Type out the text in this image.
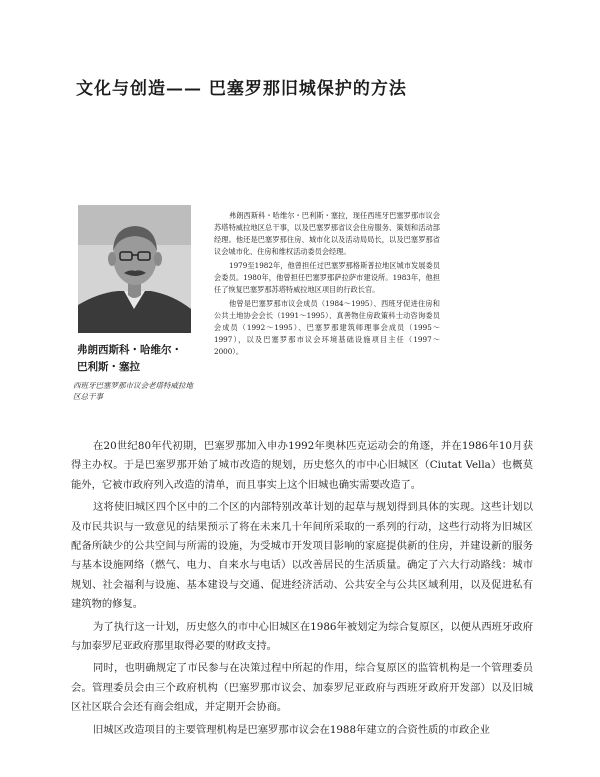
文化与创造—— 巴塞罗那旧城保护的方法
弗朗西斯科・哈维尔・
巴利斯・塞拉
西班牙巴塞罗那市议会老塔特威拉地区总干事

弗朗西斯科・哈维尔・巴利斯・塞拉，现任西班牙巴塞罗那市议会苏塔特威拉地区总干事，以及巴塞罗那省议会住房服务、策划和活动部经理。他还是巴塞罗那住房、城市化以及活动局局长，以及巴塞罗那省议会城市化、住房和维权活动委员会经理。

1979至1982年，他曾担任过巴塞罗那格斯普拉地区城市发展委员会委员。1980年，他曾担任巴塞罗那萨拉萨市建设所。1983年，他担任了恢复巴塞罗那苏塔特威拉地区项目的行政长官。

他曾是巴塞罗那市议会成员（1984～1995）、西班牙促进住房和公共土地协会会长（1991～1995）、真善物住房政策科士动咨询委员会成员（1992～1995）、巴塞罗那建筑师理事会成员（1995～1997），以及巴塞罗那市议会环境基础设施项目主任（1997～2000）。

在20世纪80年代初期，巴塞罗那加入申办1992年奥林匹克运动会的角逐，并在1986年10月获得主办权。于是巴塞罗那开始了城市改造的规划，历史悠久的市中心旧城区（Ciutat Vella）也概莫能外，它被市政府列入改造的清单，而且事实上这个旧城也确实需要改造了。

这将使旧城区四个区中的二个区的内部特别改革计划的起草与规划得到具体的实现。这些计划以及市民共识与一致意见的结果预示了将在未来几十年间所采取的一系列的行动，这些行动将为旧城区配备所缺少的公共空间与所需的设施，为受城市开发项目影响的家庭提供新的住房，并建设新的服务与基本设施网络（燃气、电力、自来水与电话）以改善居民的生活质量。确定了六大行动路线：城市规划、社会福利与设施、基本建设与交通、促进经济活动、公共安全与公共区域利用，以及促进私有建筑物的修复。

为了执行这一计划，历史悠久的市中心旧城区在1986年被划定为综合复原区，以便从西班牙政府与加泰罗尼亚政府那里取得必要的财政支持。

同时，也明确规定了市民参与在决策过程中所起的作用，综合复原区的监管机构是一个管理委员会。管理委员会由三个政府机构（巴塞罗那市议会、加泰罗尼亚政府与西班牙政府开发部）以及旧城区社区联合会还有商会组成，并定期开会协商。

旧城区改造项目的主要管理机构是巴塞罗那市议会在1988年建立的合资性质的市政企业
